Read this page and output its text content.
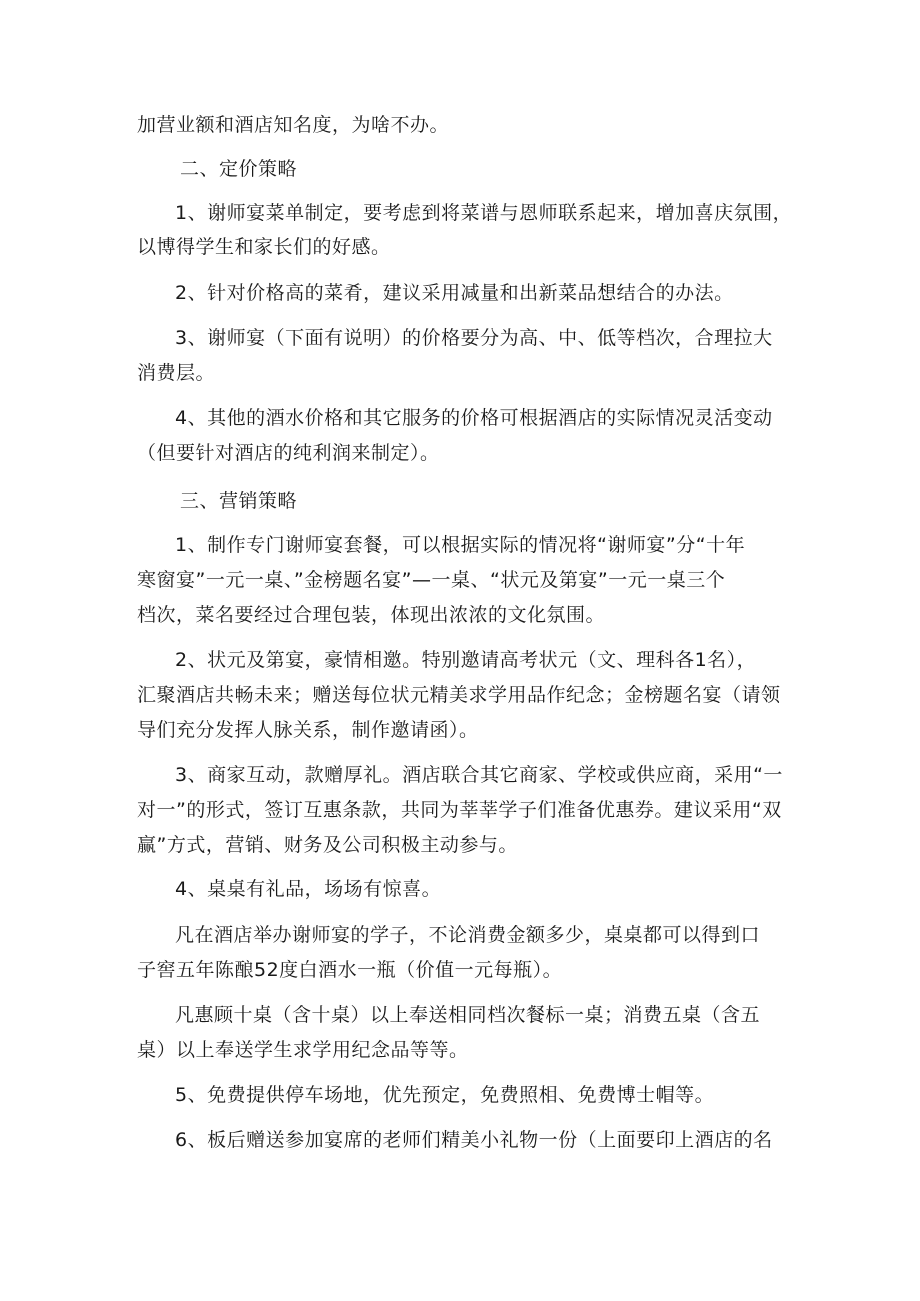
加营业额和酒店知名度，为啥不办。
二、定价策略
1、谢师宴菜单制定，要考虑到将菜谱与恩师联系起来，增加喜庆氛围，
以博得学生和家长们的好感。
2、针对价格高的菜肴，建议采用减量和出新菜品想结合的办法。
3、谢师宴（下面有说明）的价格要分为高、中、低等档次，合理拉大
消费层。
4、其他的酒水价格和其它服务的价格可根据酒店的实际情况灵活变动
（但要针对酒店的纯利润来制定）。
三、营销策略
1、制作专门谢师宴套餐，可以根据实际的情况将“谢师宴”分“十年
寒窗宴”一元一桌、”金榜题名宴”—一桌、“状元及第宴”一元一桌三个
档次，菜名要经过合理包装，体现出浓浓的文化氛围。
2、状元及第宴，豪情相邀。特别邀请高考状元（文、理科各1名），
汇聚酒店共畅未来；赠送每位状元精美求学用品作纪念；金榜题名宴（请领
导们充分发挥人脉关系，制作邀请函）。
3、商家互动，款赠厚礼。酒店联合其它商家、学校或供应商，采用“一
对一”的形式，签订互惠条款，共同为莘莘学子们准备优惠券。建议采用“双
赢”方式，营销、财务及公司积极主动参与。
4、桌桌有礼品，场场有惊喜。
凡在酒店举办谢师宴的学子，不论消费金额多少，桌桌都可以得到口
子窖五年陈酿52度白酒水一瓶（价值一元每瓶）。
凡惠顾十桌（含十桌）以上奉送相同档次餐标一桌；消费五桌（含五
桌）以上奉送学生求学用纪念品等等。
5、免费提供停车场地，优先预定，免费照相、免费博士帽等。
6、板后赠送参加宴席的老师们精美小礼物一份（上面要印上酒店的名
